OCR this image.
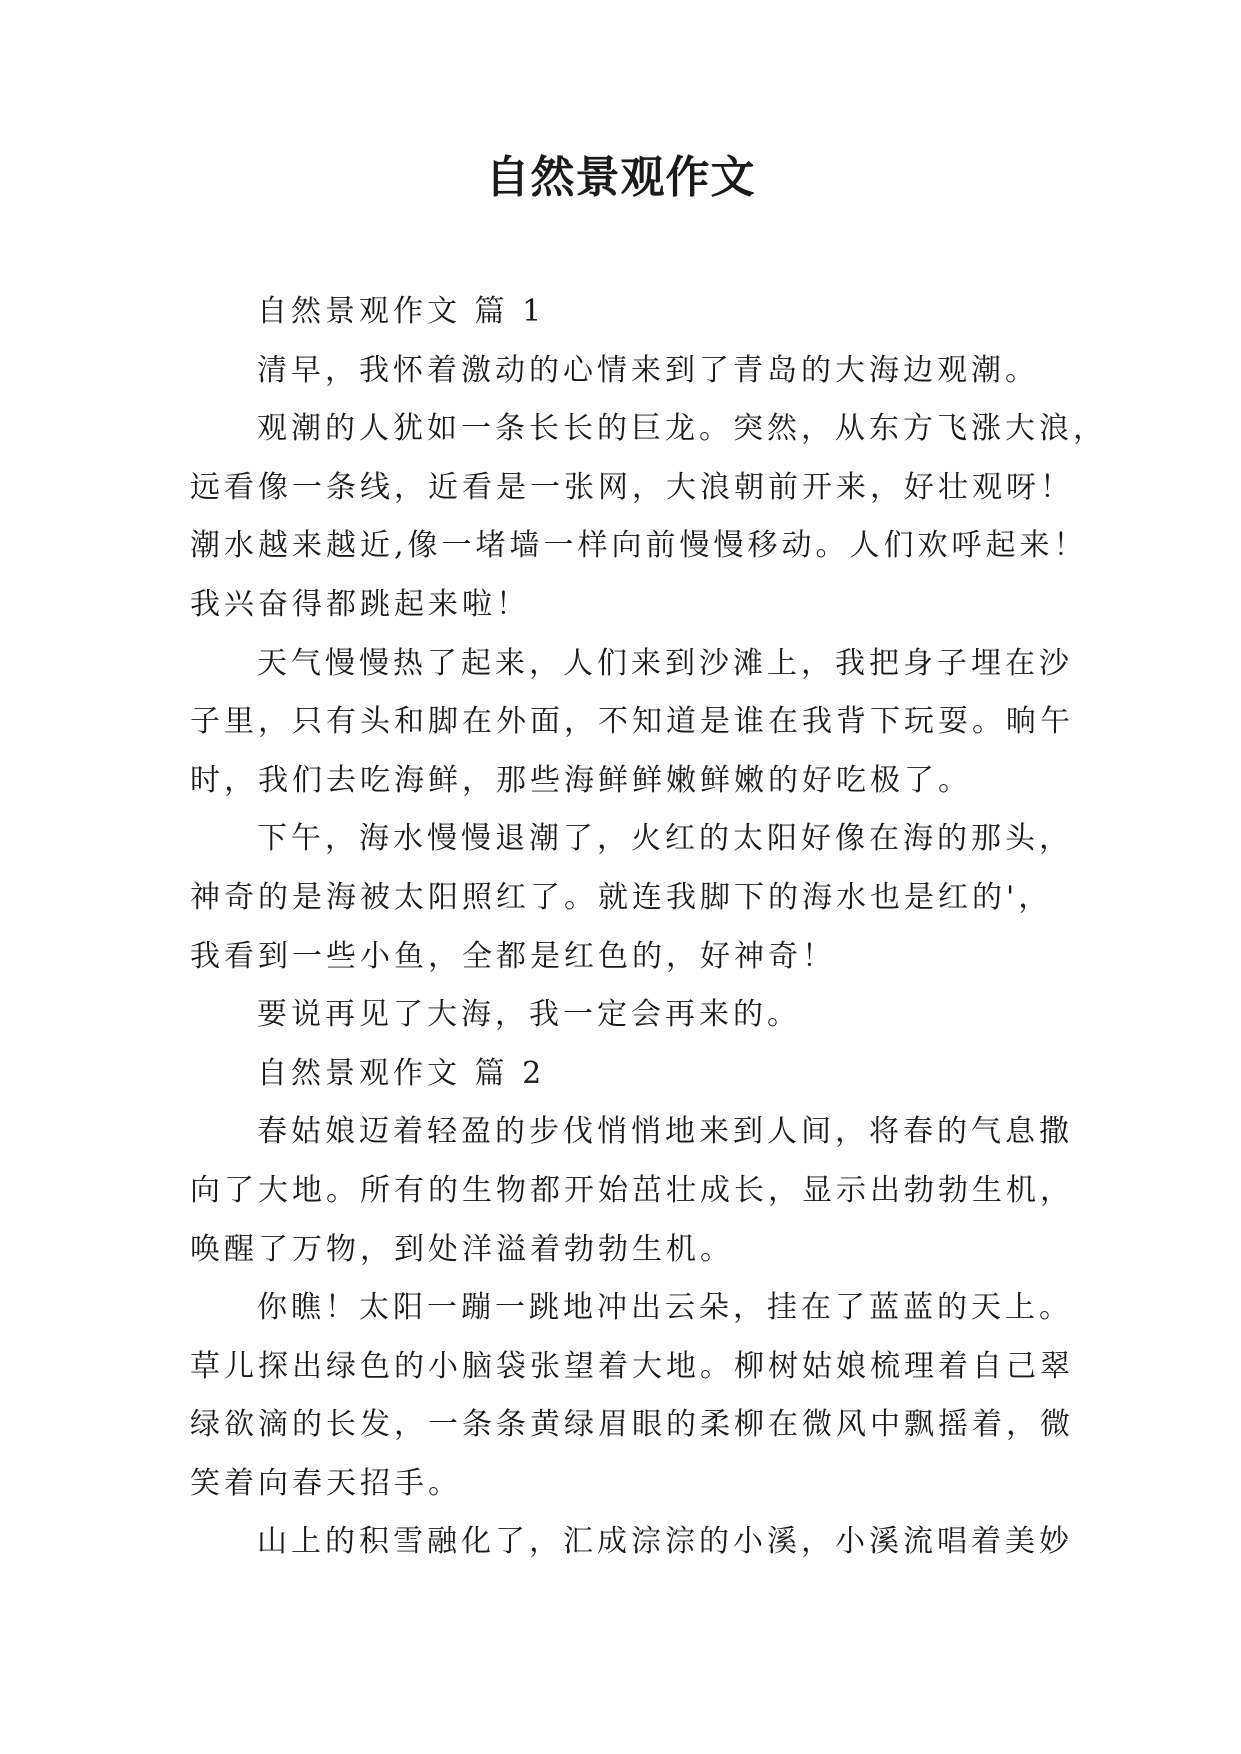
自然景观作文
自然景观作文 篇 1
清早，我怀着激动的心情来到了青岛的大海边观潮。
观潮的人犹如一条长长的巨龙。突然，从东方飞涨大浪，
远看像一条线，近看是一张网，大浪朝前开来，好壮观呀！
潮水越来越近,像一堵墙一样向前慢慢移动。人们欢呼起来！
我兴奋得都跳起来啦！
天气慢慢热了起来，人们来到沙滩上，我把身子埋在沙
子里，只有头和脚在外面，不知道是谁在我背下玩耍。晌午
时，我们去吃海鲜，那些海鲜鲜嫩鲜嫩的好吃极了。
下午，海水慢慢退潮了，火红的太阳好像在海的那头，
神奇的是海被太阳照红了。就连我脚下的海水也是红的'，
我看到一些小鱼，全都是红色的，好神奇！
要说再见了大海，我一定会再来的。
自然景观作文 篇 2
春姑娘迈着轻盈的步伐悄悄地来到人间，将春的气息撒
向了大地。所有的生物都开始茁壮成长，显示出勃勃生机，
唤醒了万物，到处洋溢着勃勃生机。
你瞧！太阳一蹦一跳地冲出云朵，挂在了蓝蓝的天上。
草儿探出绿色的小脑袋张望着大地。柳树姑娘梳理着自己翠
绿欲滴的长发，一条条黄绿眉眼的柔柳在微风中飘摇着，微
笑着向春天招手。
山上的积雪融化了，汇成淙淙的小溪，小溪流唱着美妙
